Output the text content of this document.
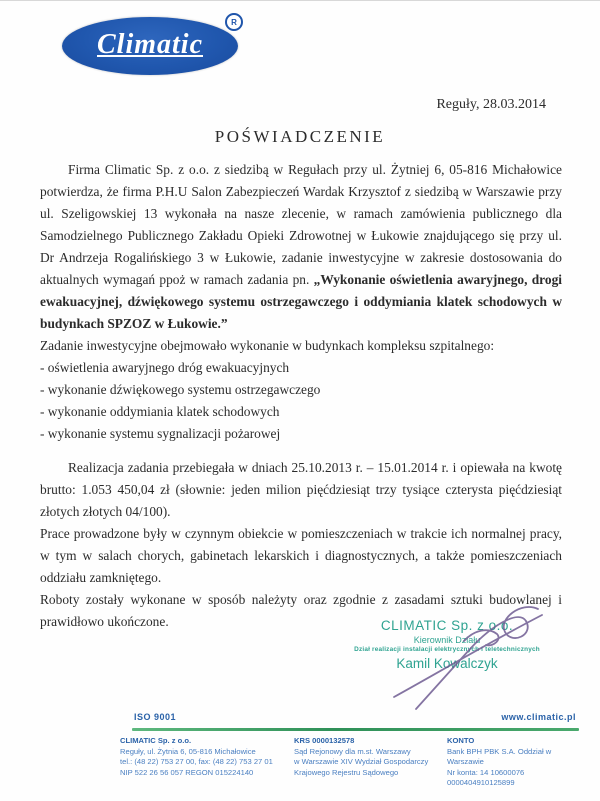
Climatic
R
Reguły, 28.03.2014
POŚWIADCZENIE

Firma Climatic Sp. z o.o. z siedzibą w Regułach przy ul. Żytniej 6, 05-816 Michałowice potwierdza, że firma P.H.U Salon Zabezpieczeń Wardak Krzysztof z siedzibą w Warszawie przy ul. Szeligowskiej 13 wykonała na nasze zlecenie, w ramach zamówienia publicznego dla Samodzielnego Publicznego Zakładu Opieki Zdrowotnej w Łukowie znajdującego się przy ul. Dr Andrzeja Rogalińskiego 3 w Łukowie, zadanie inwestycyjne w zakresie dostosowania do aktualnych wymagań ppoż w ramach zadania pn. „Wykonanie oświetlenia awaryjnego, drogi ewakuacyjnej, dźwiękowego systemu ostrzegawczego i oddymiania klatek schodowych w budynkach SPZOZ w Łukowie.”

Zadanie inwestycyjne obejmowało wykonanie w budynkach kompleksu szpitalnego:

- oświetlenia awaryjnego dróg ewakuacyjnych
- wykonanie dźwiękowego systemu ostrzegawczego
- wykonanie oddymiania klatek schodowych
- wykonanie systemu sygnalizacji pożarowej

Realizacja zadania przebiegała w dniach 25.10.2013 r. – 15.01.2014 r. i opiewała na kwotę brutto: 1.053 450,04 zł (słownie: jeden milion pięćdziesiąt trzy tysiące czterysta pięćdziesiąt złotych złotych 04/100).

Prace prowadzone były w czynnym obiekcie w pomieszczeniach w trakcie ich normalnej pracy, w tym w salach chorych, gabinetach lekarskich i diagnostycznych, a także pomieszczeniach oddziału zamkniętego.

Roboty zostały wykonane w sposób należyty oraz zgodnie z zasadami sztuki budowlanej i prawidłowo ukończone.	CLIMATIC Sp. z o.o.
Kierownik Działu
Dział realizacji instalacji elektrycznych i teletechnicznych
Kamil Kowalczyk
ISO 9001	www.climatic.pl
CLIMATIC Sp. z o.o.
Reguły, ul. Żytnia 6, 05-816 Michałowice
tel.: (48 22) 753 27 00, fax: (48 22) 753 27 01
NIP 522 26 56 057 REGON 015224140
KRS 0000132578
Sąd Rejonowy dla m.st. Warszawy
w Warszawie XIV Wydział Gospodarczy
Krajowego Rejestru Sądowego
KONTO
Bank BPH PBK S.A. Oddział w Warszawie
Nr konta: 14 10600076 0000404910125899
